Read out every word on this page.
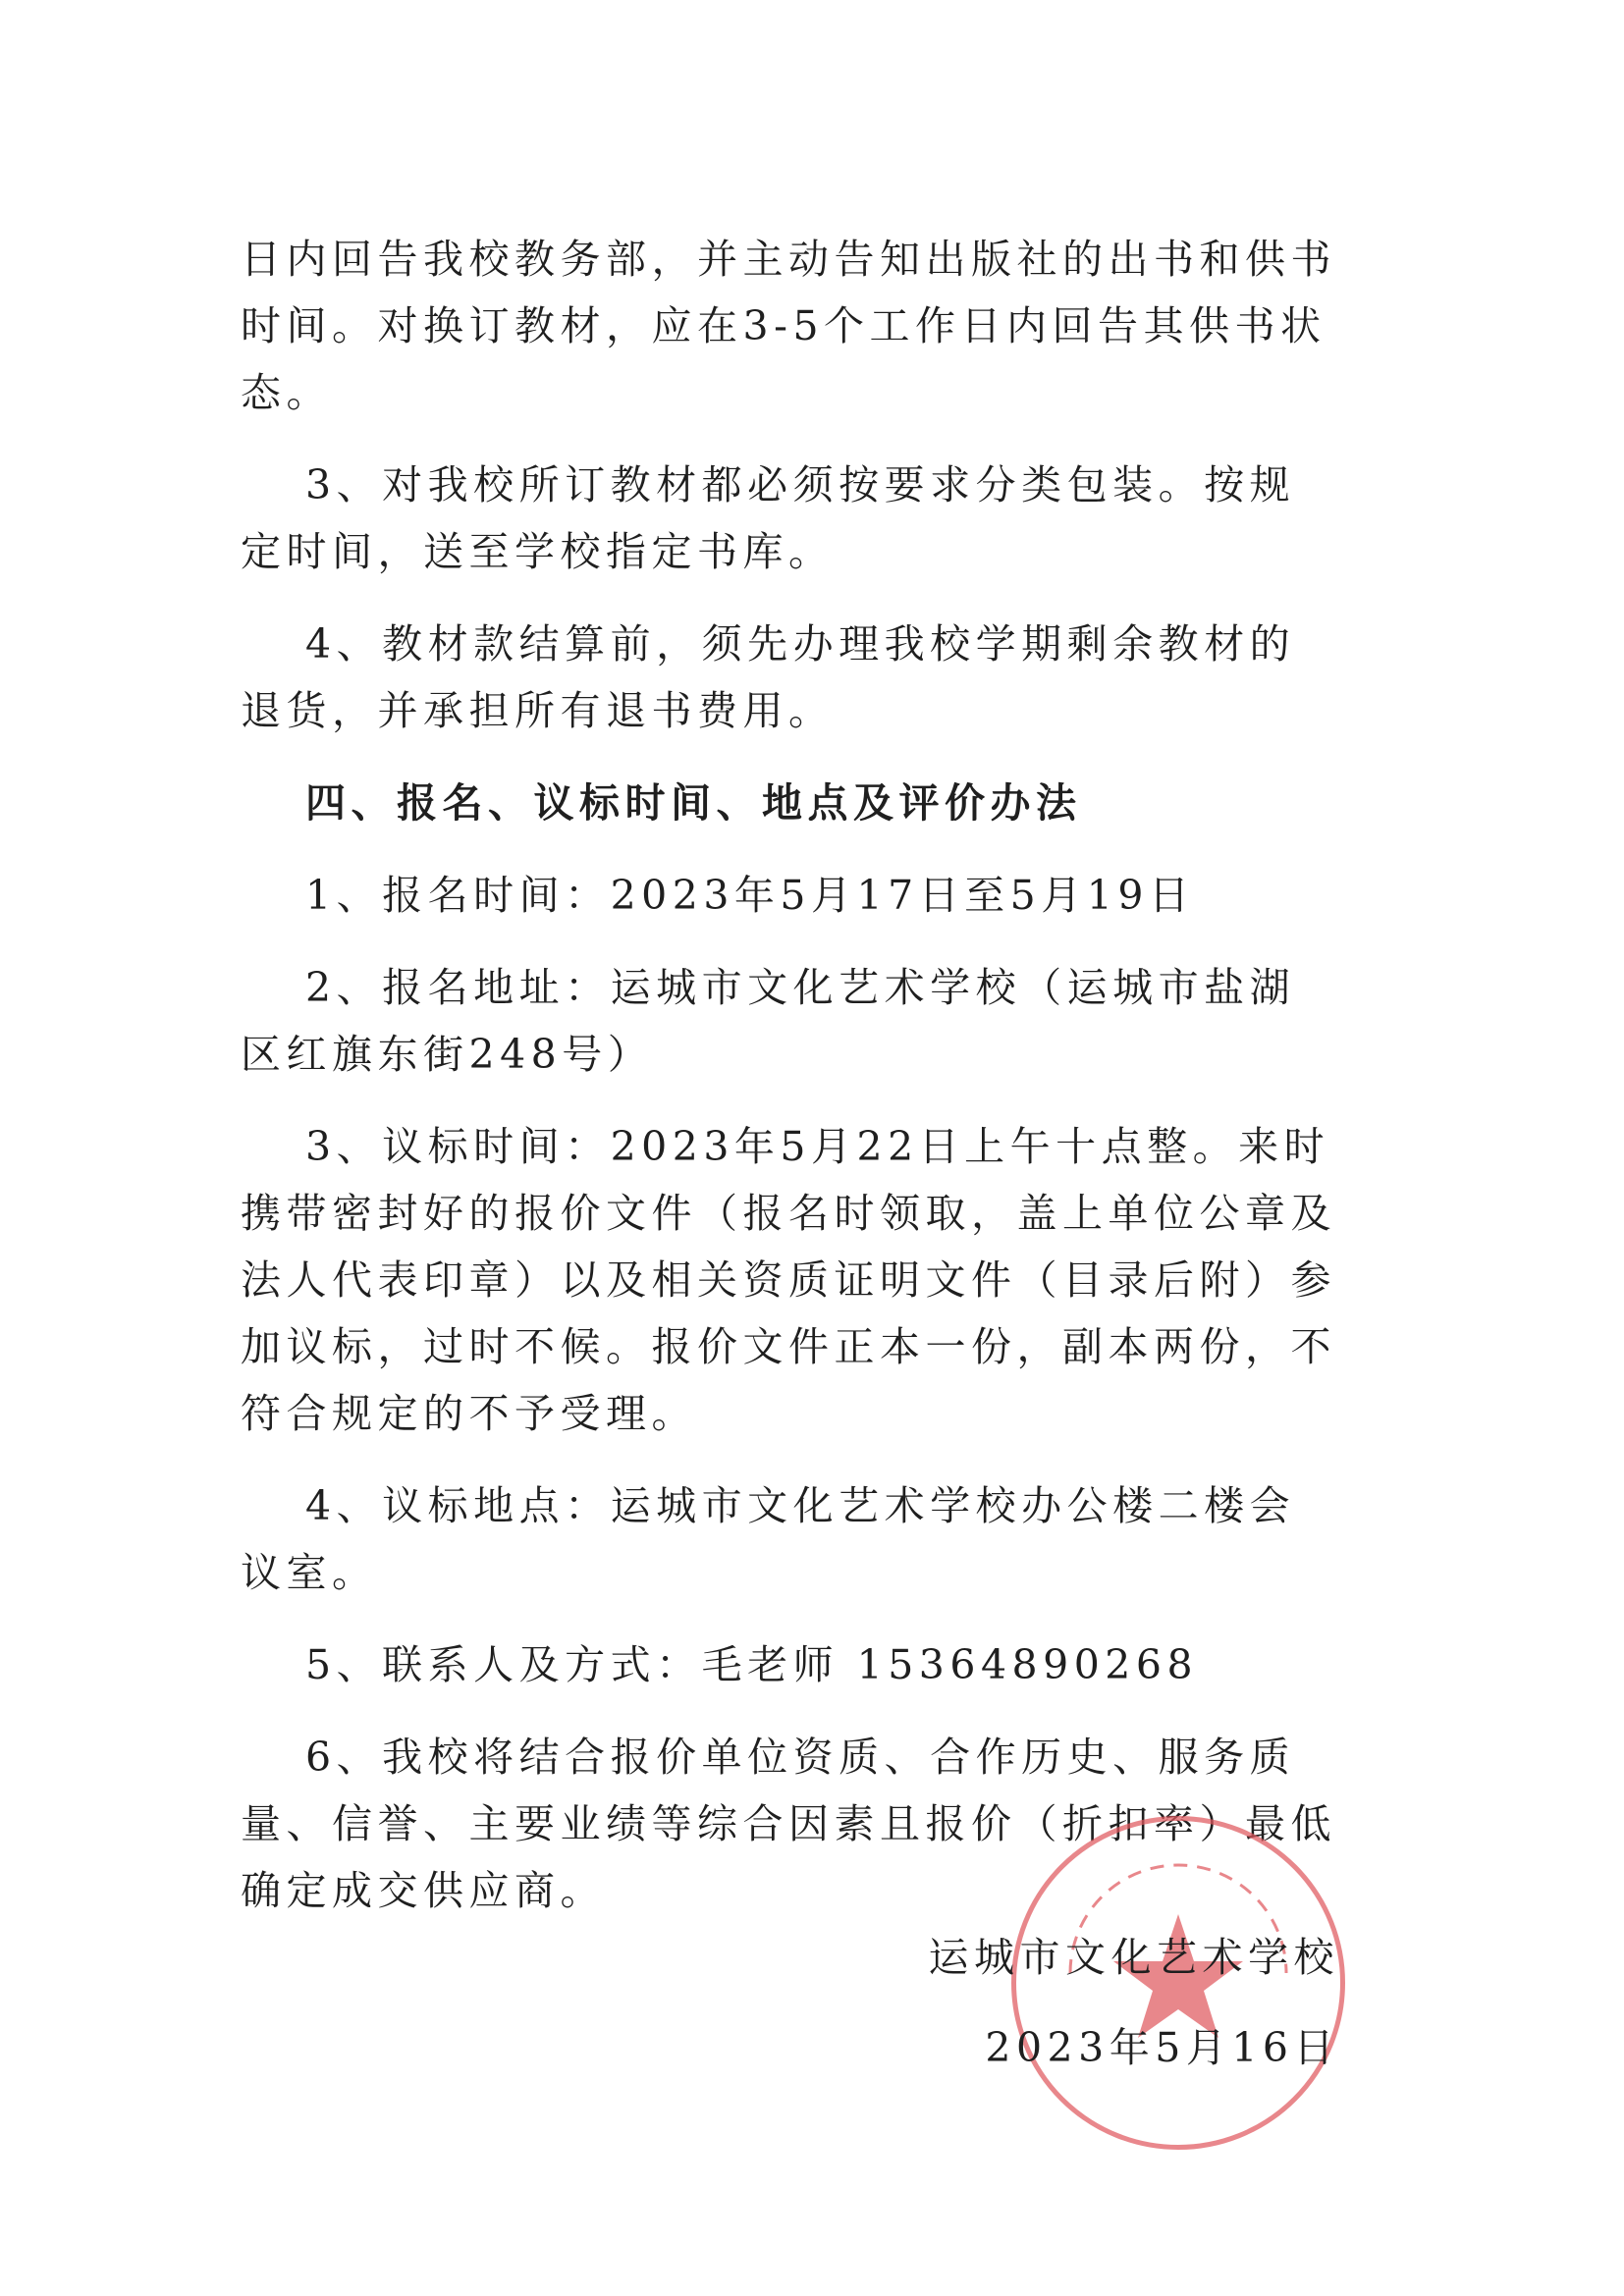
日内回告我校教务部，并主动告知出版社的出书和供书时间。对换订教材，应在3-5个工作日内回告其供书状态。

3、对我校所订教材都必须按要求分类包装。按规定时间，送至学校指定书库。

4、教材款结算前，须先办理我校学期剩余教材的退货，并承担所有退书费用。

四、报名、议标时间、地点及评价办法

1、报名时间：2023年5月17日至5月19日

2、报名地址：运城市文化艺术学校（运城市盐湖区红旗东街248号）

3、议标时间：2023年5月22日上午十点整。来时携带密封好的报价文件（报名时领取，盖上单位公章及法人代表印章）以及相关资质证明文件（目录后附）参加议标，过时不候。报价文件正本一份，副本两份，不符合规定的不予受理。

4、议标地点：运城市文化艺术学校办公楼二楼会议室。

5、联系人及方式：毛老师 15364890268

6、我校将结合报价单位资质、合作历史、服务质量、信誉、主要业绩等综合因素且报价（折扣率）最低确定成交供应商。

运城市文化艺术学校
2023年5月16日
